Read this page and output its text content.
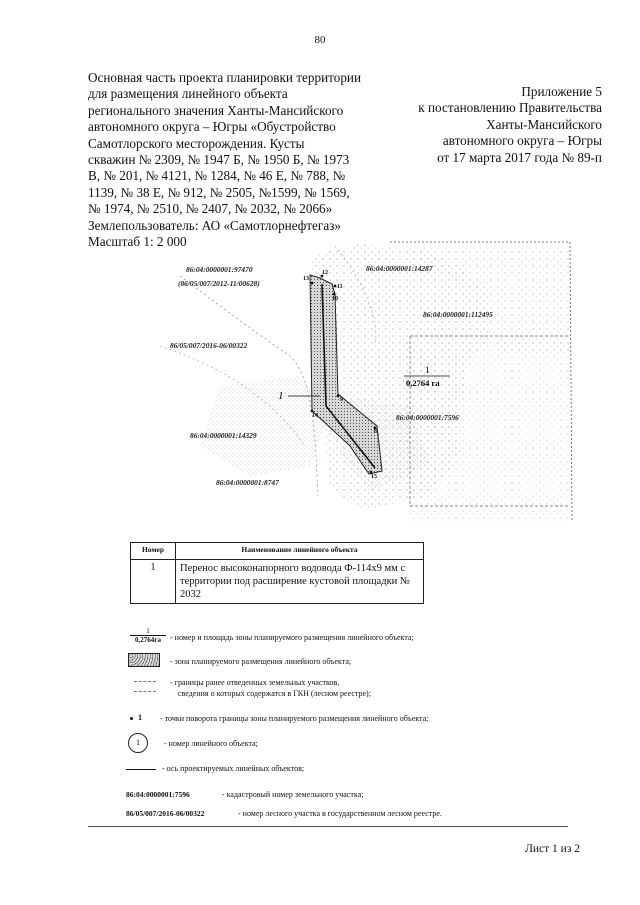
80
Основная часть проекта планировки территории
для размещения линейного объекта
регионального значения Ханты-Мансийского
автономного округа – Югры «Обустройство
Самотлорского месторождения. Кусты
скважин № 2309, № 1947 Б, № 1950 Б, № 1973
В, № 201, № 4121, № 1284, № 46 Е, № 788, №
1139, № 38 Е, № 912, № 2505, №1599, № 1569,
№ 1974, № 2510, № 2407, № 2032, № 2066»
Землепользователь: АО «Самотлорнефтегаз»
Масштаб 1: 2 000
Приложение 5
к постановлению Правительства
Ханты-Мансийского
автономного округа – Югры
от 17 марта 2017 года № 89-п
12
13
11
10
9
8
14
15
1
0,2764 га
1
86:04:0000001:97470
(86/05/007/2012-11/00628)
86:04:0000001:14287
86:04:0000001:112495
86/05/007/2016-06/00322
86:04:0000001:7596
86:04:0000001:14329
86:04:0000001:8747
Номер	Наименование линейного объекта
1	Перенос высоконапорного водовода Ф-114х9 мм с территории под расширение кустовой площадки № 2032
1
0,2764га	- номер и площадь зоны планируемого размещения линейного объекта;
- зона планируемого размещения линейного объекта;
- границы ранее отведенных земельных участков,
сведения о которых содержатся в ГКН (лесном реестре);
1 - точки поворота границы зоны планируемого размещения линейного объекта;
1	- номер линейного объекта;
- ось проектируемых линейных объектов;
86:04:0000001:7596	- кадастровый номер земельного участка;
86/05/007/2016-06/00322	- номер лесного участка в государственном лесном реестре.
Лист 1 из 2
